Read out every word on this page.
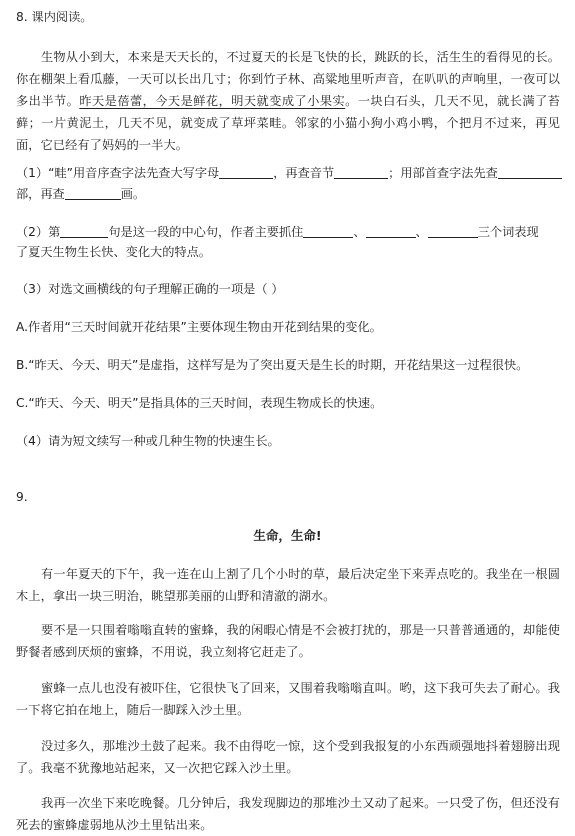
8. 课内阅读。
生物从小到大，本来是天天长的，不过夏天的长是飞快的长，跳跃的长，活生生的看得见的长。你在棚架上看瓜藤，一天可以长出几寸；你到竹子林、高粱地里听声音，在叭叭的声响里，一夜可以多出半节。昨天是蓓蕾，今天是鲜花，明天就变成了小果实。一块白石头，几天不见，就长满了苔藓；一片黄泥土，几天不见，就变成了草坪菜畦。邻家的小猫小狗小鸡小鸭，个把月不过来，再见面，它已经有了妈妈的一半大。
（1）“畦”用音序查字法先查大写字母	，再查音节	；用部首查字法先查
部，再查	画。
（2）第	句是这一段的中心句，作者主要抓住	、	、	三个词表现
了夏天生物生长快、变化大的特点。
（3）对选文画横线的句子理解正确的一项是（ ）
A.作者用“三天时间就开花结果”主要体现生物由开花到结果的变化。
B.“昨天、今天、明天”是虚指，这样写是为了突出夏天是生长的时期，开花结果这一过程很快。
C.“昨天、今天、明天”是指具体的三天时间，表现生物成长的快速。
（4）请为短文续写一种或几种生物的快速生长。
9.
生命，生命!
有一年夏天的下午，我一连在山上割了几个小时的草，最后决定坐下来弄点吃的。我坐在一根圆木上，拿出一块三明治，眺望那美丽的山野和清澈的湖水。
要不是一只围着嗡嗡直转的蜜蜂，我的闲暇心情是不会被打扰的，那是一只普普通通的，却能使野餐者感到厌烦的蜜蜂，不用说，我立刻将它赶走了。
蜜蜂一点儿也没有被吓住，它很快飞了回来，又围着我嗡嗡直叫。哟，这下我可失去了耐心。我一下将它拍在地上，随后一脚踩入沙土里。
没过多久，那堆沙土鼓了起来。我不由得吃一惊，这个受到我报复的小东西顽强地抖着翅膀出现了。我毫不犹豫地站起来，又一次把它踩入沙土里。
我再一次坐下来吃晚餐。几分钟后，我发现脚边的那堆沙土又动了起来。一只受了伤，但还没有死去的蜜蜂虚弱地从沙土里钻出来。
